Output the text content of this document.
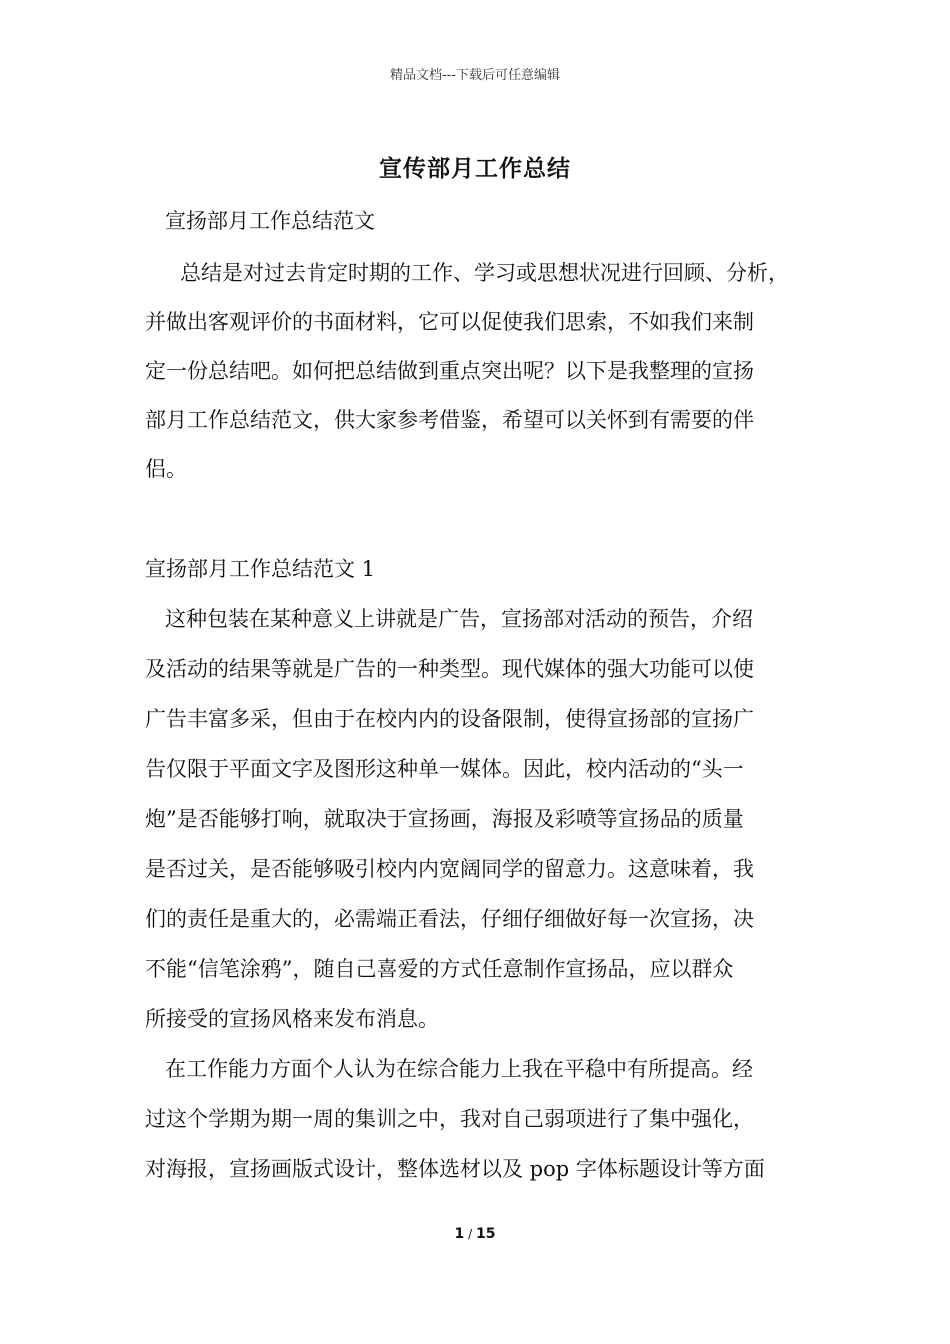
精品文档---下载后可任意编辑
宣传部月工作总结
宣扬部月工作总结范文
总结是对过去肯定时期的工作、学习或思想状况进行回顾、分析，
并做出客观评价的书面材料，它可以促使我们思索，不如我们来制
定一份总结吧。如何把总结做到重点突出呢？以下是我整理的宣扬
部月工作总结范文，供大家参考借鉴，希望可以关怀到有需要的伴
侣。
宣扬部月工作总结范文 1
这种包装在某种意义上讲就是广告，宣扬部对活动的预告，介绍
及活动的结果等就是广告的一种类型。现代媒体的强大功能可以使
广告丰富多采，但由于在校内内的设备限制，使得宣扬部的宣扬广
告仅限于平面文字及图形这种单一媒体。因此，校内活动的“头一
炮”是否能够打响，就取决于宣扬画，海报及彩喷等宣扬品的质量
是否过关，是否能够吸引校内内宽阔同学的留意力。这意味着，我
们的责任是重大的，必需端正看法，仔细仔细做好每一次宣扬，决
不能“信笔涂鸦”，随自己喜爱的方式任意制作宣扬品，应以群众
所接受的宣扬风格来发布消息。
在工作能力方面个人认为在综合能力上我在平稳中有所提高。经
过这个学期为期一周的集训之中，我对自己弱项进行了集中强化，
对海报，宣扬画版式设计，整体选材以及 pop 字体标题设计等方面
1 / 15
